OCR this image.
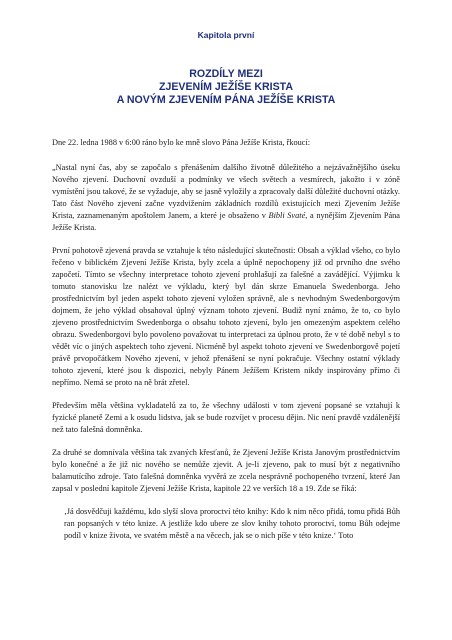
Kapitola první
ROZDÍLY MEZI
ZJEVENÍM JEŽÍŠE KRISTA
A NOVÝM ZJEVENÍM PÁNA JEŽÍŠE KRISTA
Dne 22. ledna 1988 v 6:00 ráno bylo ke mně slovo Pána Ježíše Krista, řkoucí:

„Nastal nyní čas, aby se započalo s přenášením dalšího životně důležitého a nejzávažnějšího úseku Nového zjevení. Duchovní ovzduší a podmínky ve všech světech a vesmírech, jakožto i v zóně vymístění jsou takové, že se vyžaduje, aby se jasně vyložily a zpracovaly další důležité duchovní otázky. Tato část Nového zjevení začne vyzdvižením základních rozdílů existujících mezi Zjevením Ježíše Krista, zaznamenaným apoštolem Janem, a které je obsaženo v Bibli Svaté, a nynějším Zjevením Pána Ježíše Krista.

První pohotově zjevená pravda se vztahuje k této následující skutečnosti: Obsah a výklad všeho, co bylo řečeno v biblickém Zjevení Ježíše Krista, byly zcela a úplně nepochopeny již od prvního dne svého započetí. Tímto se všechny interpretace tohoto zjevení prohlašují za falešné a zavádějící. Výjimku k tomuto stanovisku lze nalézt ve výkladu, který byl dán skrze Emanuela Swedenborga. Jeho prostřednictvím byl jeden aspekt tohoto zjevení vyložen správně, ale s nevhodným Swedenborgovým dojmem, že jeho výklad obsahoval úplný význam tohoto zjevení. Budiž nyní známo, že to, co bylo zjeveno prostřednictvím Swedenborga o obsahu tohoto zjevení, bylo jen omezeným aspektem celého obrazu. Swedenborgovi bylo povoleno považovat tu interpretaci za úplnou proto, že v té době nebyl s to vědět víc o jiných aspektech toho zjevení. Nicméně byl aspekt tohoto zjevení ve Swedenborgově pojetí právě prvopočátkem Nového zjevení, v jehož přenášení se nyní pokračuje. Všechny ostatní výklady tohoto zjevení, které jsou k dispozici, nebyly Pánem Ježíšem Kristem nikdy inspirovány přímo či nepřímo. Nemá se proto na ně brát zřetel.

Především měla většina vykladatelů za to, že všechny události v tom zjevení popsané se vztahují k fyzické planetě Zemi a k osudu lidstva, jak se bude rozvíjet v procesu dějin. Nic není pravdě vzdálenější než tato falešná domněnka.

Za druhé se domnívala většina tak zvaných křesťanů, že Zjevení Ježíše Krista Janovým prostřednictvím bylo konečné a že již nic nového se nemůže zjevit. A je-li zjeveno, pak to musí být z negativního balamutícího zdroje. Tato falešná domněnka vyvěrá ze zcela nesprávně pochopeného tvrzení, které Jan zapsal v poslední kapitole Zjevení Ježíše Krista, kapitole 22 ve verších 18 a 19. Zde se říká:

‚Já dosvědčuji každému, kdo slyší slova proroctví této knihy: Kdo k nim něco přidá, tomu přidá Bůh ran popsaných v této knize. A jestliže kdo ubere ze slov knihy tohoto proroctví, tomu Bůh odejme podíl v knize života, ve svatém městě a na věcech, jak se o nich píše v této knize.‘ Toto
